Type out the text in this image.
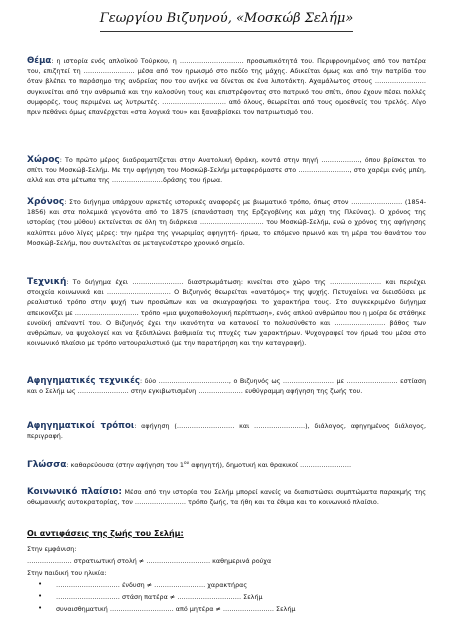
Γεωργίου Βιζυηνού, «Μοσκώβ Σελήμ»

Θέμα: η ιστορία ενός απλοϊκού Τούρκου, η ………………………… προσωπικότητά του. Περιφρονημένος από τον πατέρα του, επιζητεί τη …………………… μέσα από τον ηρωισμό στο πεδίο της μάχης. Αδικείται όμως και από την πατρίδα του όταν βλέπει το παράσημο της ανδρείας που του ανήκε να δίνεται σε ένα λιποτάκτη. Αχαμάλωτος στους …………………… συγκινείται από την ανθρωπιά και την καλοσύνη τους και επιστρέφοντας στο πατρικό του σπίτι, όπου έχουν πέσει πολλές συμφορές, τους περιμένει ως λυτρωτές. ………………………… από όλους, θεωρείται από τους ομοεθνείς του τρελός. Λίγο πριν πεθάνει όμως επανέρχεται «στα λογικά του» και ξαναβρίσκει τον πατριωτισμό του.

Χώρος: Το πρώτο μέρος διαδραματίζεται στην Ανατολική Θράκη, κοντά στην πηγή ………………, όπου βρίσκεται το σπίτι του Μοσκώβ-Σελήμ. Με την αφήγηση του Μοσκώβ-Σελήμ μεταφερόμαστε στο ……………………, στο χαρέμι ενός μπέη, αλλά και στα μέτωπα της ……………………δράσης του ήρωα.

Χρόνος: Στο διήγημα υπάρχουν αρκετές ιστορικές αναφορές με βιωματικό τρόπο, όπως στον …………………… (1854-1856) και στα πολεμικά γεγονότα από το 1875 (επανάσταση της Ερζεγοβίνης και μάχη της Πλεύνας). Ο χρόνος της ιστορίας (του μύθου) εκτείνεται σε όλη τη διάρκεια ………………………… του Μοσκώβ-Σελήμ, ενώ ο χρόνος της αφήγησης καλύπτει μόνο λίγες μέρες: την ημέρα της γνωριμίας αφηγητή- ήρωα, το επόμενο πρωινό και τη μέρα του θανάτου του Μοσκώβ-Σελήμ, που συντελείται σε μεταγενέστερο χρονικό σημείο.

Τεχνική: Το διήγημα έχει …………………… διαστρωμάτωση: κινείται στο χώρο της …………………… και περιέχει στοιχεία κοινωνικά και ………………………… Ο Βιζυηνός θεωρείται «ανατόμος» της ψυχής. Πετυχαίνει να διεισδύσει με ρεαλιστικό τρόπο στην ψυχή των προσώπων και να σκιαγραφήσει το χαρακτήρα τους. Στο συγκεκριμένο διήγημα απεικονίζει με ………………………… τρόπο «μια ψυχοπαθολογική περίπτωση», ενός απλού ανθρώπου που η μοίρα δε στάθηκε ευνοϊκή απέναντί του. Ο Βιζυηνός έχει την ικανότητα να κατανοεί το πολυσύνθετο και …………………… βάθος των ανθρώπων, να ψυχολογεί και να ξεδιπλώνει βαθμιαία τις πτυχές των χαρακτήρων. Ψυχογραφεί τον ήρωά του μέσα στο κοινωνικό πλαίσιο με τρόπο νατουραλιστικό (με την παρατήρηση και την καταγραφή).

Αφηγηματικές τεχνικές: δύο ……………………………, ο Βιζυηνός ως …………………… με …………………… εστίαση και ο Σελήμ ως …………………… στην εγκιβωτισμένη ………………… ευθύγραμμη αφήγηση της ζωής του.

Αφηγηματικοί τρόποι: αφήγηση (……………………… και ……………………), διάλογος, αφηγημένος διάλογος, περιγραφή.

Γλώσσα: καθαρεύουσα (στην αφήγηση του $1^{o\upsilon}$ αφηγητή), δημοτική και θρακικοί ……………………

Κοινωνικό πλαίσιο: Μέσα από την ιστορία του Σελήμ μπορεί κανείς να διαπιστώσει συμπτώματα παρακμής της οθωμανικής αυτοκρατορίας, τον …………………… τρόπο ζωής, τα ήθη και τα έθιμα και το κοινωνικό πλαίσιο.

Οι αντιφάσεις της ζωής του Σελήμ:
Στην εμφάνιση:
………………… στρατιωτική στολή ≠ ………………………… καθημερινά ρούχα
Στην παιδική του ηλικία:
• ………………………… ένδυση ≠ …………………… χαρακτήρας
• ………………………… στάση πατέρα ≠ ………………………… Σελήμ
• συναισθηματική ………………………… από μητέρα ≠ …………………… Σελήμ
